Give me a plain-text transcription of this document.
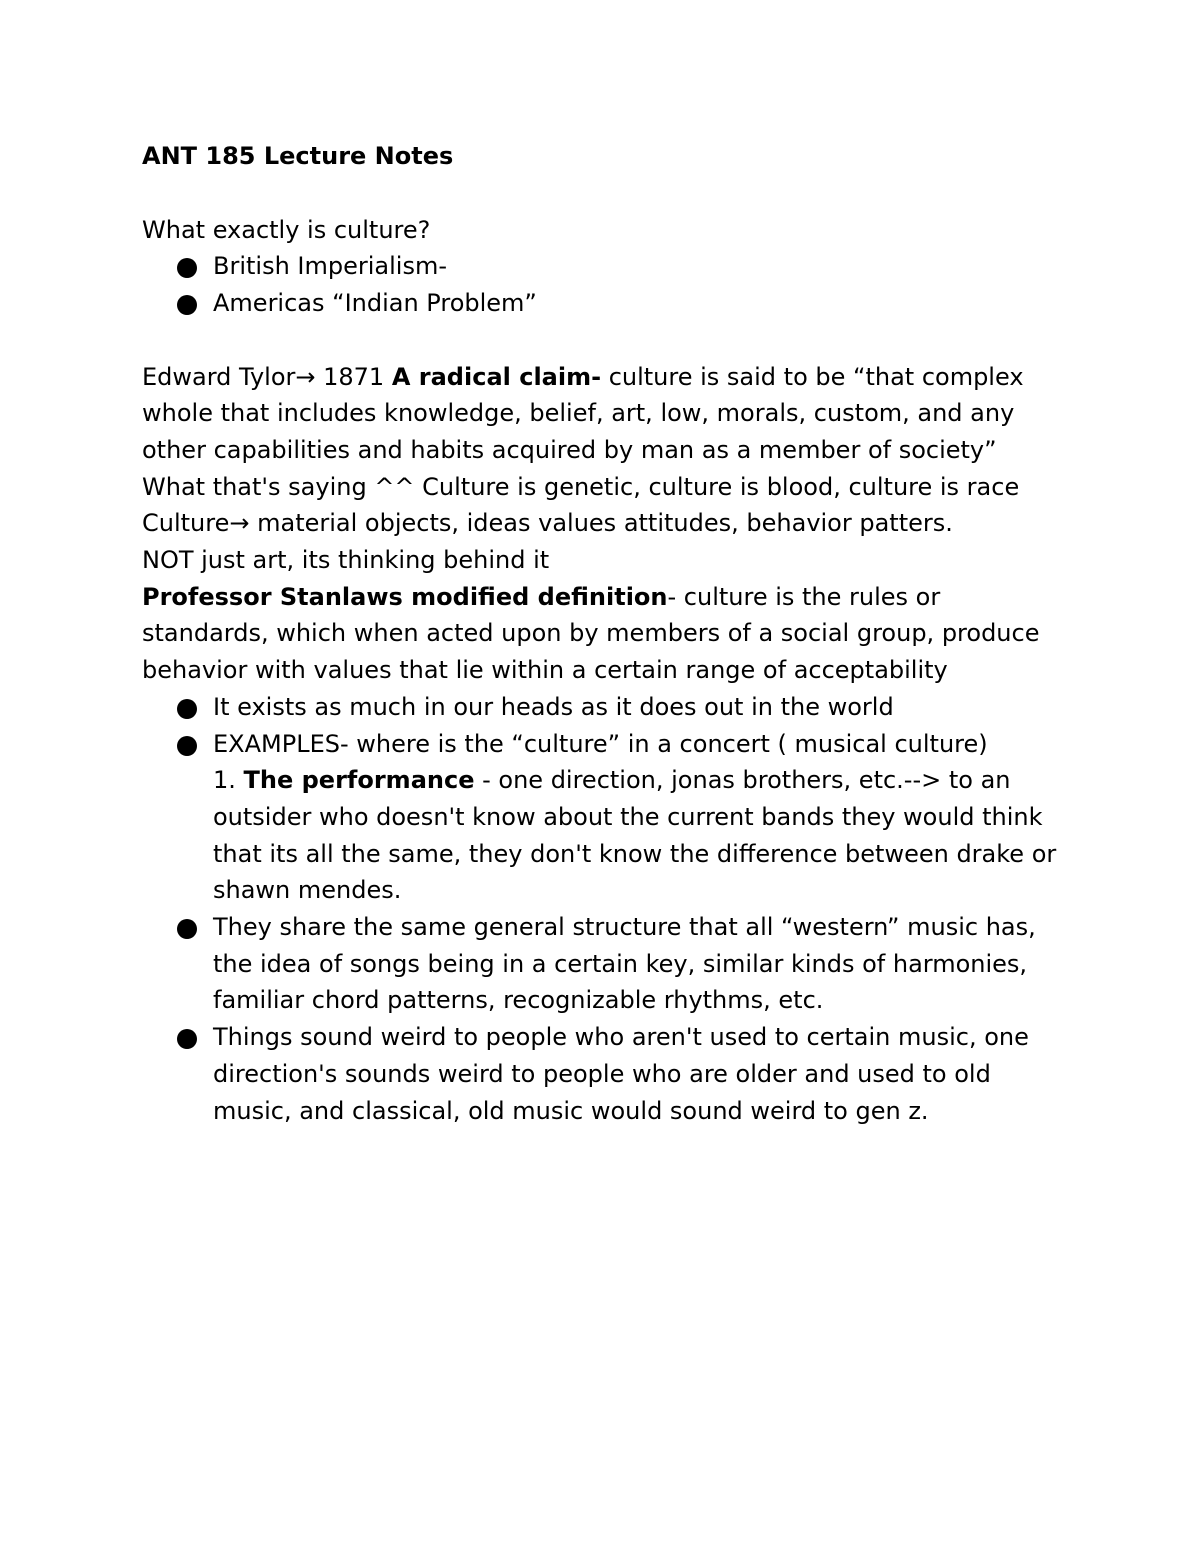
ANT 185 Lecture Notes

What exactly is culture?

British Imperialism-
Americas “Indian Problem”

Edward Tylor→ 1871 A radical claim- culture is said to be “that complex whole that includes knowledge, belief, art, low, morals, custom, and any other capabilities and habits acquired by man as a member of society”

What that's saying ^^ Culture is genetic, culture is blood, culture is race

Culture→ material objects, ideas values attitudes, behavior patters.

NOT just art, its thinking behind it

Professor Stanlaws modified definition- culture is the rules or standards, which when acted upon by members of a social group, produce behavior with values that lie within a certain range of acceptability

It exists as much in our heads as it does out in the world
EXAMPLES- where is the “culture” in a concert ( musical culture)
1. The performance - one direction, jonas brothers, etc.--> to an outsider who doesn't know about the current bands they would think that its all the same, they don't know the difference between drake or shawn mendes.
They share the same general structure that all “western” music has, the idea of songs being in a certain key, similar kinds of harmonies, familiar chord patterns, recognizable rhythms, etc.
Things sound weird to people who aren't used to certain music, one direction's sounds weird to people who are older and used to old music, and classical, old music would sound weird to gen z.
